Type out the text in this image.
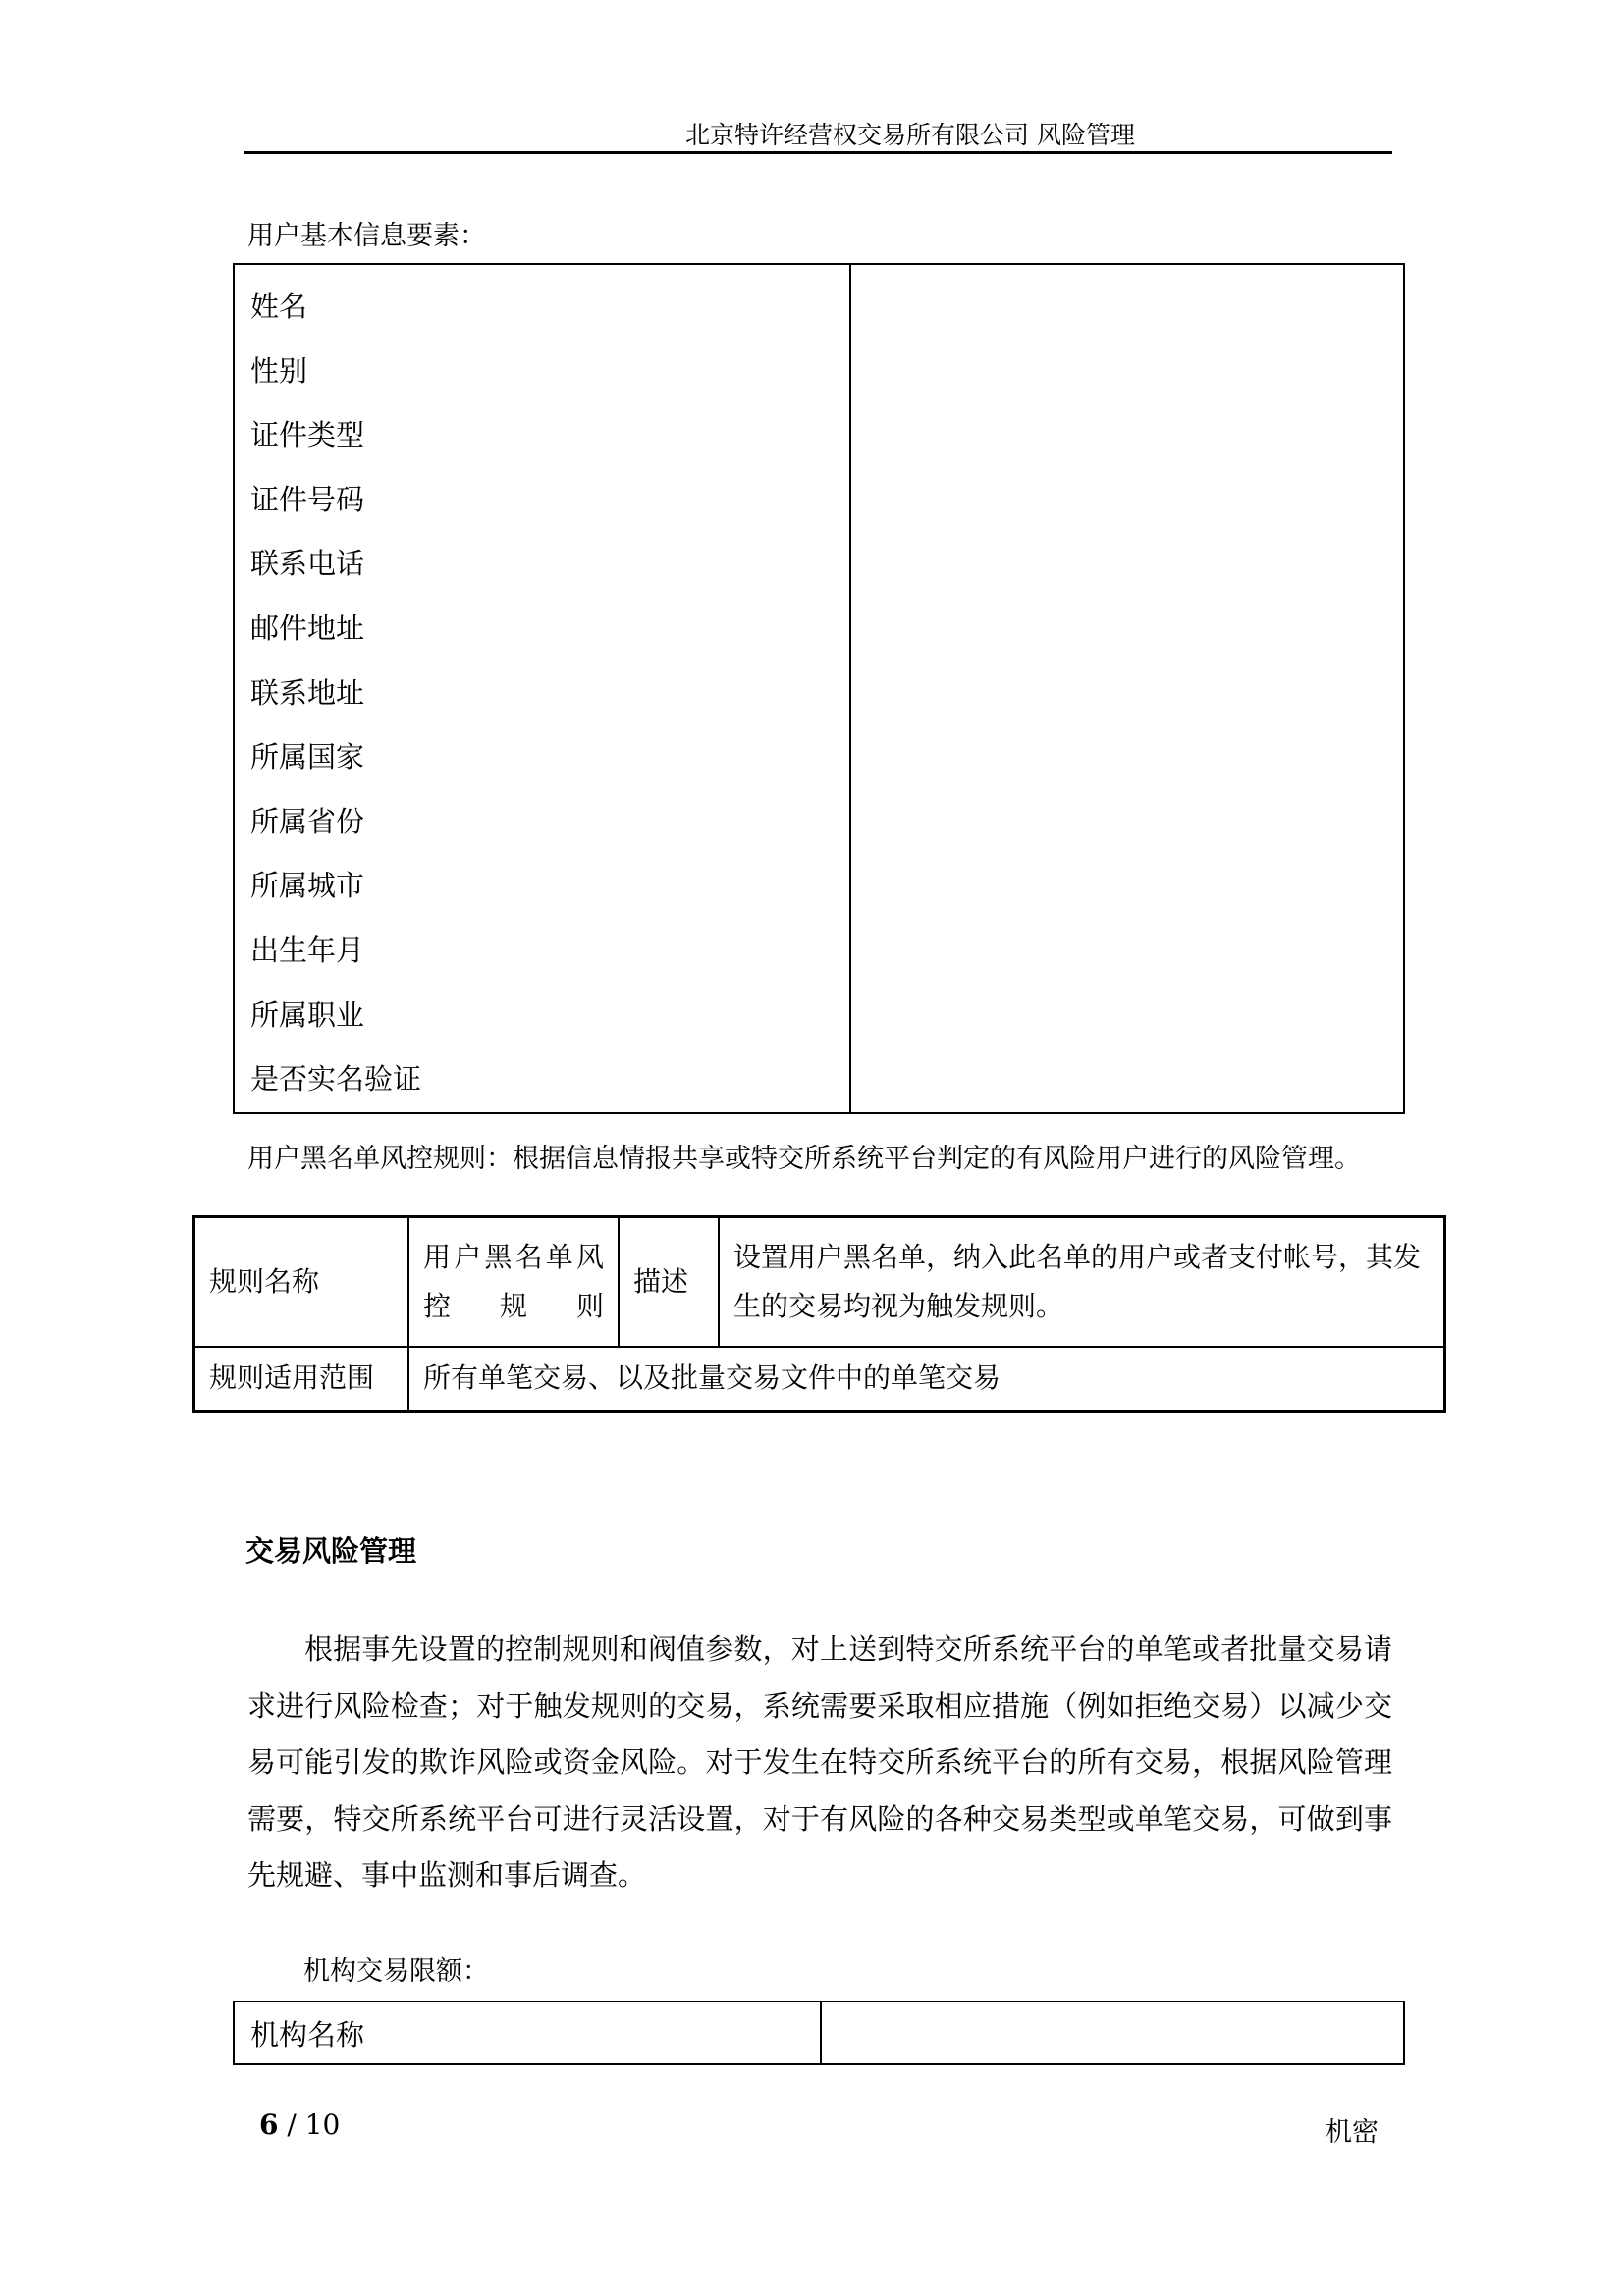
北京特许经营权交易所有限公司 风险管理
用户基本信息要素：
姓名
性别
证件类型
证件号码
联系电话
邮件地址
联系地址
所属国家
所属省份
所属城市
出生年月
所属职业
是否实名验证

用户黑名单风控规则：根据信息情报共享或特交所系统平台判定的有风险用户进行的风险管理。
规则名称	用户黑名单风控规则	描述	设置用户黑名单，纳入此名单的用户或者支付帐号，其发生的交易均视为触发规则。
规则适用范围	所有单笔交易、以及批量交易文件中的单笔交易		
交易风险管理
根据事先设置的控制规则和阀值参数，对上送到特交所系统平台的单笔或者批量交易请求进行风险检查；对于触发规则的交易，系统需要采取相应措施（例如拒绝交易）以减少交易可能引发的欺诈风险或资金风险。对于发生在特交所系统平台的所有交易，根据风险管理需要，特交所系统平台可进行灵活设置，对于有风险的各种交易类型或单笔交易，可做到事先规避、事中监测和事后调查。
机构交易限额：
机构名称	
6 / 10	机密
